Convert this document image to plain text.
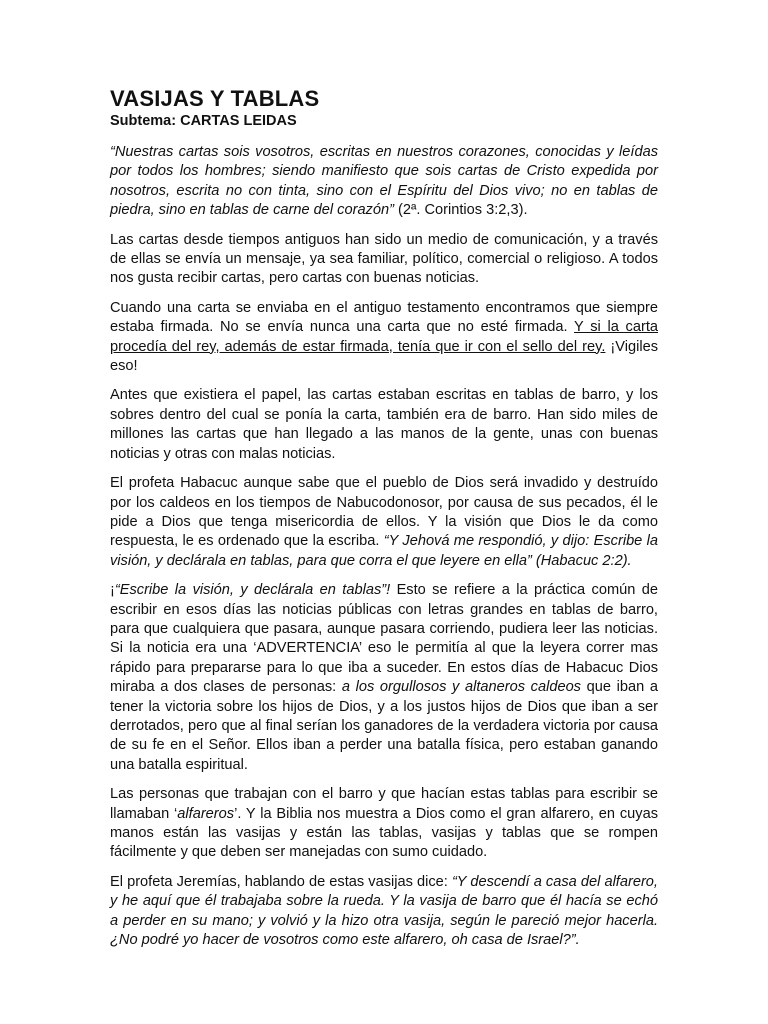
VASIJAS Y TABLAS
Subtema: CARTAS LEIDAS

“Nuestras cartas sois vosotros, escritas en nuestros corazones, conocidas y leídas por todos los hombres; siendo manifiesto que sois cartas de Cristo expedida por nosotros, escrita no con tinta, sino con el Espíritu del Dios vivo; no en tablas de piedra, sino en tablas de carne del corazón” (2ª. Corintios 3:2,3).

Las cartas desde tiempos antiguos han sido un medio de comunicación, y a través de ellas se envía un mensaje, ya sea familiar, político, comercial o religioso. A todos nos gusta recibir cartas, pero cartas con buenas noticias.

Cuando una carta se enviaba en el antiguo testamento encontramos que siempre estaba firmada. No se envía nunca una carta que no esté firmada. Y si la carta procedía del rey, además de estar firmada, tenía que ir con el sello del rey. ¡Vigiles eso!

Antes que existiera el papel, las cartas estaban escritas en tablas de barro, y los sobres dentro del cual se ponía la carta, también era de barro. Han sido miles de millones las cartas que han llegado a las manos de la gente, unas con buenas noticias y otras con malas noticias.

El profeta Habacuc aunque sabe que el pueblo de Dios será invadido y destruído por los caldeos en los tiempos de Nabucodonosor, por causa de sus pecados, él le pide a Dios que tenga misericordia de ellos. Y la visión que Dios le da como respuesta, le es ordenado que la escriba. “Y Jehová me respondió, y dijo: Escribe la visión, y declárala en tablas, para que corra el que leyere en ella” (Habacuc 2:2).

¡“Escribe la visión, y declárala en tablas”! Esto se refiere a la práctica común de escribir en esos días las noticias públicas con letras grandes en tablas de barro, para que cualquiera que pasara, aunque pasara corriendo, pudiera leer las noticias. Si la noticia era una ‘ADVERTENCIA’ eso le permitía al que la leyera correr mas rápido para prepararse para lo que iba a suceder. En estos días de Habacuc Dios miraba a dos clases de personas: a los orgullosos y altaneros caldeos que iban a tener la victoria sobre los hijos de Dios, y a los justos hijos de Dios que iban a ser derrotados, pero que al final serían los ganadores de la verdadera victoria por causa de su fe en el Señor. Ellos iban a perder una batalla física, pero estaban ganando una batalla espiritual.

Las personas que trabajan con el barro y que hacían estas tablas para escribir se llamaban ‘alfareros’. Y la Biblia nos muestra a Dios como el gran alfarero, en cuyas manos están las vasijas y están las tablas, vasijas y tablas que se rompen fácilmente y que deben ser manejadas con sumo cuidado.

El profeta Jeremías, hablando de estas vasijas dice: “Y descendí a casa del alfarero, y he aquí que él trabajaba sobre la rueda. Y la vasija de barro que él hacía se echó a perder en su mano; y volvió y la hizo otra vasija, según le pareció mejor hacerla. ¿No podré yo hacer de vosotros como este alfarero, oh casa de Israel?”.
